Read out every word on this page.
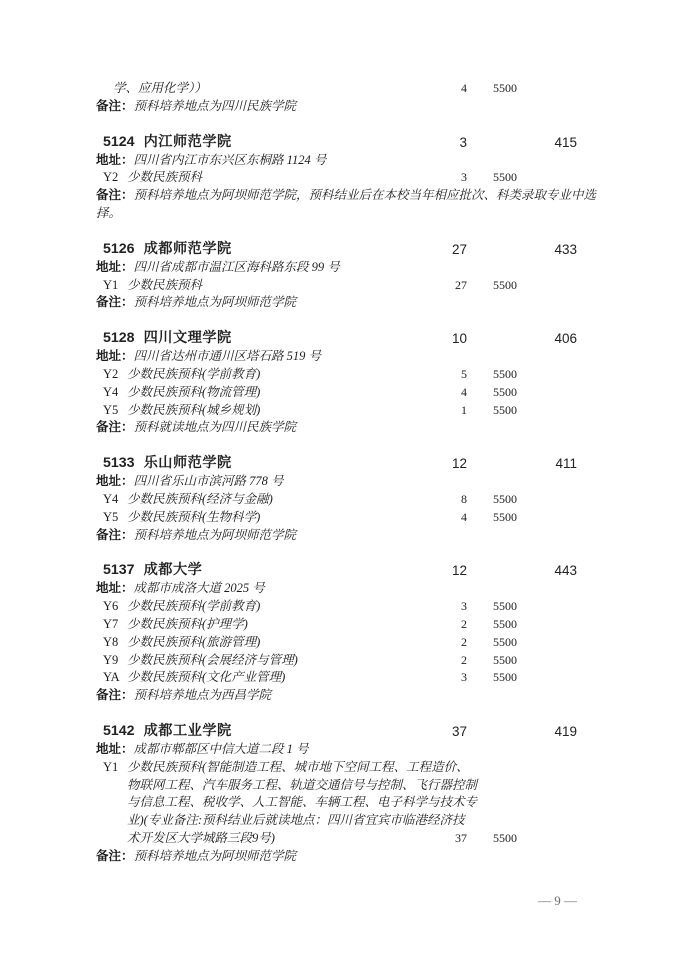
学、应用化学））	4	5500
备注：预科培养地点为四川民族学院
5124 内江师范学院	3	415
地址：四川省内江市东兴区东桐路 1124 号
Y2 少数民族预科	3	5500
备注：预科培养地点为阿坝师范学院，预科结业后在本校当年相应批次、科类录取专业中选
择。
5126 成都师范学院	27	433
地址：四川省成都市温江区海科路东段 99 号
Y1 少数民族预科	27	5500
备注：预科培养地点为阿坝师范学院
5128 四川文理学院	10	406
地址：四川省达州市通川区塔石路 519 号
Y2 少数民族预科(学前教育)	5	5500
Y4 少数民族预科(物流管理)	4	5500
Y5 少数民族预科(城乡规划)	1	5500
备注：预科就读地点为四川民族学院
5133 乐山师范学院	12	411
地址：四川省乐山市滨河路 778 号
Y4 少数民族预科(经济与金融)	8	5500
Y5 少数民族预科(生物科学)	4	5500
备注：预科培养地点为阿坝师范学院
5137 成都大学	12	443
地址：成都市成洛大道 2025 号
Y6 少数民族预科(学前教育)	3	5500
Y7 少数民族预科(护理学)	2	5500
Y8 少数民族预科(旅游管理)	2	5500
Y9 少数民族预科(会展经济与管理)	2	5500
YA 少数民族预科(文化产业管理)	3	5500
备注：预科培养地点为西昌学院
5142 成都工业学院	37	419
地址：成都市郫都区中信大道二段 1 号
Y1 少数民族预科(智能制造工程、城市地下空间工程、工程造价、
物联网工程、汽车服务工程、轨道交通信号与控制、飞行器控制
与信息工程、税收学、人工智能、车辆工程、电子科学与技术专
业)(专业备注:预科结业后就读地点：四川省宜宾市临港经济技
术开发区大学城路三段9号)	37	5500
备注：预科培养地点为阿坝师范学院
— 9 —
